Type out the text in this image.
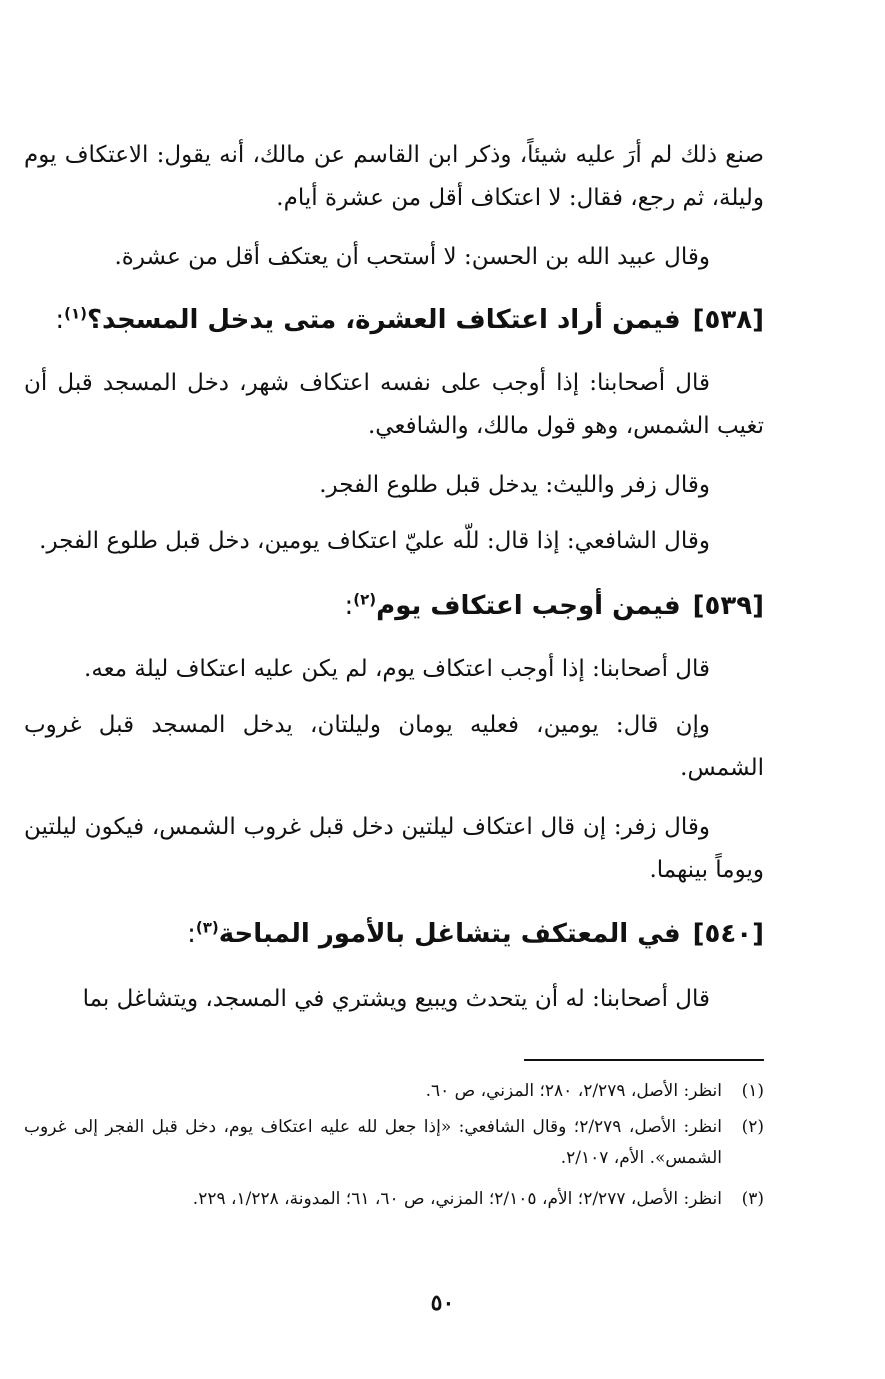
صنع ذلك لم أرَ عليه شيئاً، وذكر ابن القاسم عن مالك، أنه يقول: الاعتكاف يوم وليلة، ثم رجع، فقال: لا اعتكاف أقل من عشرة أيام.

وقال عبيد الله بن الحسن: لا أستحب أن يعتكف أقل من عشرة.

[٥٣٨]فيمن أراد اعتكاف العشرة، متى يدخل المسجد؟$^{(١)}$:

قال أصحابنا: إذا أوجب على نفسه اعتكاف شهر، دخل المسجد قبل أن تغيب الشمس، وهو قول مالك، والشافعي.

وقال زفر والليث: يدخل قبل طلوع الفجر.

وقال الشافعي: إذا قال: للّه عليّ اعتكاف يومين، دخل قبل طلوع الفجر.

[٥٣٩]فيمن أوجب اعتكاف يوم$^{(٢)}$:

قال أصحابنا: إذا أوجب اعتكاف يوم، لم يكن عليه اعتكاف ليلة معه.

وإن قال: يومين، فعليه يومان وليلتان، يدخل المسجد قبل غروب الشمس.

وقال زفر: إن قال اعتكاف ليلتين دخل قبل غروب الشمس، فيكون ليلتين ويوماً بينهما.

[٥٤٠]في المعتكف يتشاغل بالأمور المباحة$^{(٣)}$:

قال أصحابنا: له أن يتحدث ويبيع ويشتري في المسجد، ويتشاغل بما

(١)
انظر: الأصل، ٢/٢٧٩، ٢٨٠؛ المزني، ص ٦٠.

(٢)
انظر: الأصل، ٢/٢٧٩؛ وقال الشافعي: «إذا جعل لله عليه اعتكاف يوم، دخل قبل الفجر إلى غروب الشمس». الأم، ٢/١٠٧.

(٣)
انظر: الأصل، ٢/٢٧٧؛ الأم، ٢/١٠٥؛ المزني، ص ٦٠، ٦١؛ المدونة، ١/٢٢٨، ٢٢٩.

٥٠
